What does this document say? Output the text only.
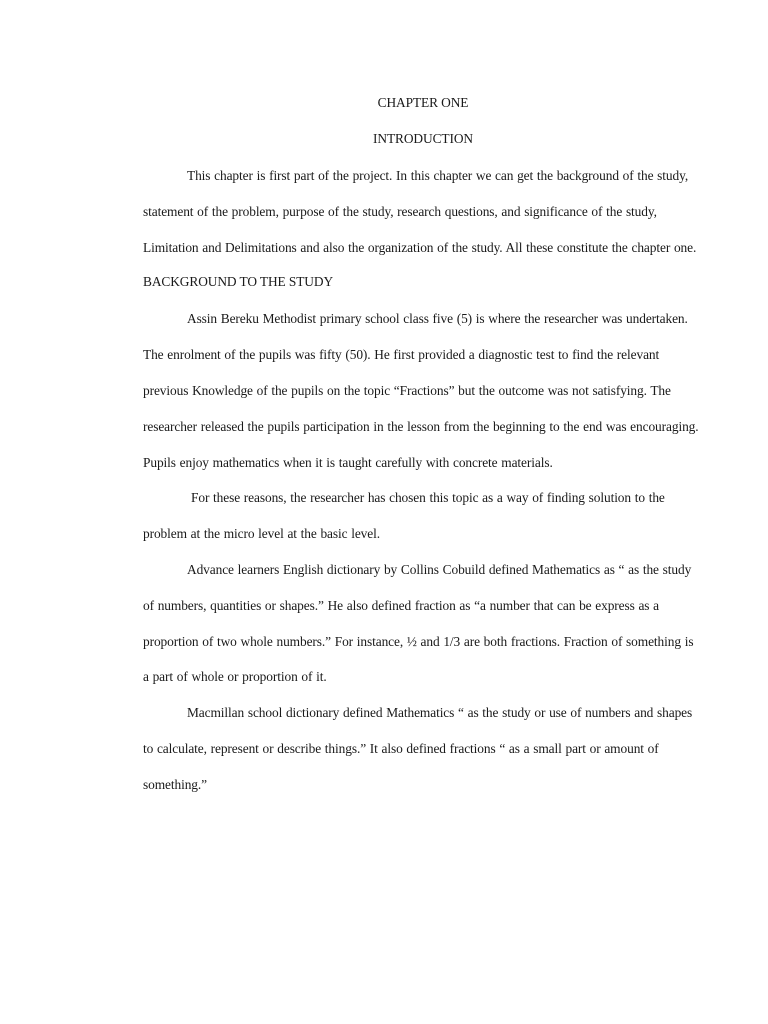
CHAPTER ONE
INTRODUCTION

This chapter is first part of the project. In this chapter we can get the background of the study, statement of the problem, purpose of the study, research questions, and significance of the study, Limitation and Delimitations and also the organization of the study. All these constitute the chapter one.

BACKGROUND TO THE STUDY

Assin Bereku Methodist primary school class five (5) is where the researcher was undertaken. The enrolment of the pupils was fifty (50). He first provided a diagnostic test to find the relevant previous Knowledge of the pupils on the topic “Fractions” but the outcome was not satisfying. The researcher released the pupils participation in the lesson from the beginning to the end was encouraging. Pupils enjoy mathematics when it is taught carefully with concrete materials.

For these reasons, the researcher has chosen this topic as a way of finding solution to the problem at the micro level at the basic level.

Advance learners English dictionary by Collins Cobuild defined Mathematics as “ as the study of numbers, quantities or shapes.” He also defined fraction as “a number that can be express as a proportion of two whole numbers.” For instance, ½ and 1/3 are both fractions. Fraction of something is a part of whole or proportion of it.

Macmillan school dictionary defined Mathematics “ as the study or use of numbers and shapes to calculate, represent or describe things.” It also defined fractions “ as a small part or amount of something.”
